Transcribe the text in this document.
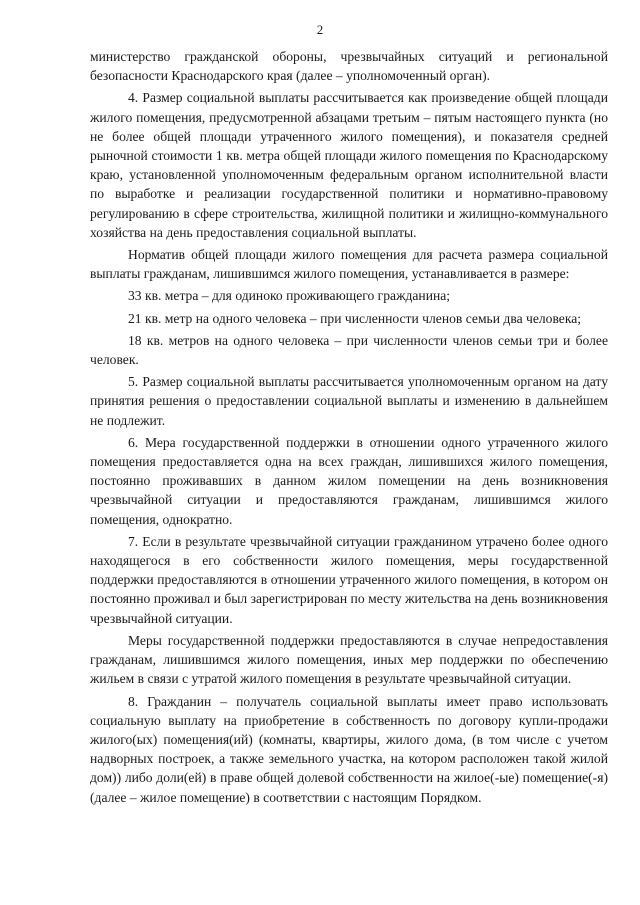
2

министерство гражданской обороны, чрезвычайных ситуаций и региональной безопасности Краснодарского края (далее – уполномоченный орган).

4. Размер социальной выплаты рассчитывается как произведение общей площади жилого помещения, предусмотренной абзацами третьим – пятым настоящего пункта (но не более общей площади утраченного жилого помещения), и показателя средней рыночной стоимости 1 кв. метра общей площади жилого помещения по Краснодарскому краю, установленной уполномоченным федеральным органом исполнительной власти по выработке и реализации государственной политики и нормативно-правовому регулированию в сфере строительства, жилищной политики и жилищно-коммунального хозяйства на день предоставления социальной выплаты.

Норматив общей площади жилого помещения для расчета размера социальной выплаты гражданам, лишившимся жилого помещения, устанавливается в размере:

33 кв. метра – для одиноко проживающего гражданина;

21 кв. метр на одного человека – при численности членов семьи два человека;

18 кв. метров на одного человека – при численности членов семьи три и более человек.

5. Размер социальной выплаты рассчитывается уполномоченным органом на дату принятия решения о предоставлении социальной выплаты и изменению в дальнейшем не подлежит.

6. Мера государственной поддержки в отношении одного утраченного жилого помещения предоставляется одна на всех граждан, лишившихся жилого помещения, постоянно проживавших в данном жилом помещении на день возникновения чрезвычайной ситуации и предоставляются гражданам, лишившимся жилого помещения, однократно.

7. Если в результате чрезвычайной ситуации гражданином утрачено более одного находящегося в его собственности жилого помещения, меры государственной поддержки предоставляются в отношении утраченного жилого помещения, в котором он постоянно проживал и был зарегистрирован по месту жительства на день возникновения чрезвычайной ситуации.

Меры государственной поддержки предоставляются в случае непредоставления гражданам, лишившимся жилого помещения, иных мер поддержки по обеспечению жильем в связи с утратой жилого помещения в результате чрезвычайной ситуации.

8. Гражданин – получатель социальной выплаты имеет право использовать социальную выплату на приобретение в собственность по договору купли-продажи жилого(ых) помещения(ий) (комнаты, квартиры, жилого дома, (в том числе с учетом надворных построек, а также земельного участка, на котором расположен такой жилой дом)) либо доли(ей) в праве общей долевой собственности на жилое(-ые) помещение(-я) (далее – жилое помещение) в соответствии с настоящим Порядком.
